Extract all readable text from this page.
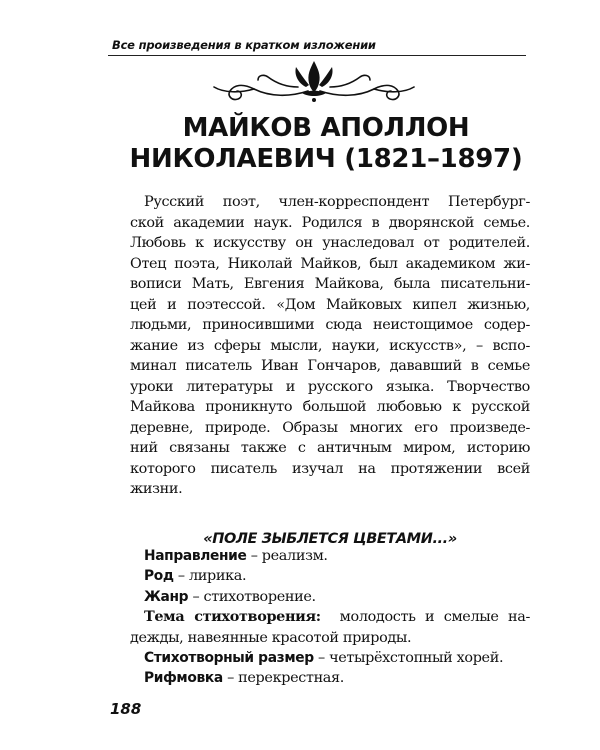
Все произведения в кратком изложении
МАЙКОВ АПОЛЛОН
НИКОЛАЕВИЧ (1821–1897)
Русский поэт, член-корреспондент Петербург-
ской академии наук. Родился в дворянской семье.
Любовь к искусству он унаследовал от родителей.
Отец поэта, Николай Майков, был академиком жи-
вописи Мать, Евгения Майкова, была писательни-
цей и поэтессой. «Дом Майковых кипел жизнью,
людьми, приносившими сюда неистощимое содер-
жание из сферы мысли, науки, искусств», – вспо-
минал писатель Иван Гончаров, дававший в семье
уроки литературы и русского языка. Творчество
Майкова проникнуто большой любовью к русской
деревне, природе. Образы многих его произведе-
ний связаны также с античным миром, историю
которого писатель изучал на протяжении всей
жизни.
«ПОЛЕ ЗЫБЛЕТСЯ ЦВЕТАМИ...»
Направление – реализм.
Род – лирика.
Жанр – стихотворение.
Тема стихотворения: молодость и смелые на-
дежды, навеянные красотой природы.
Стихотворный размер – четырёхстопный хорей.
Рифмовка – перекрестная.
188
